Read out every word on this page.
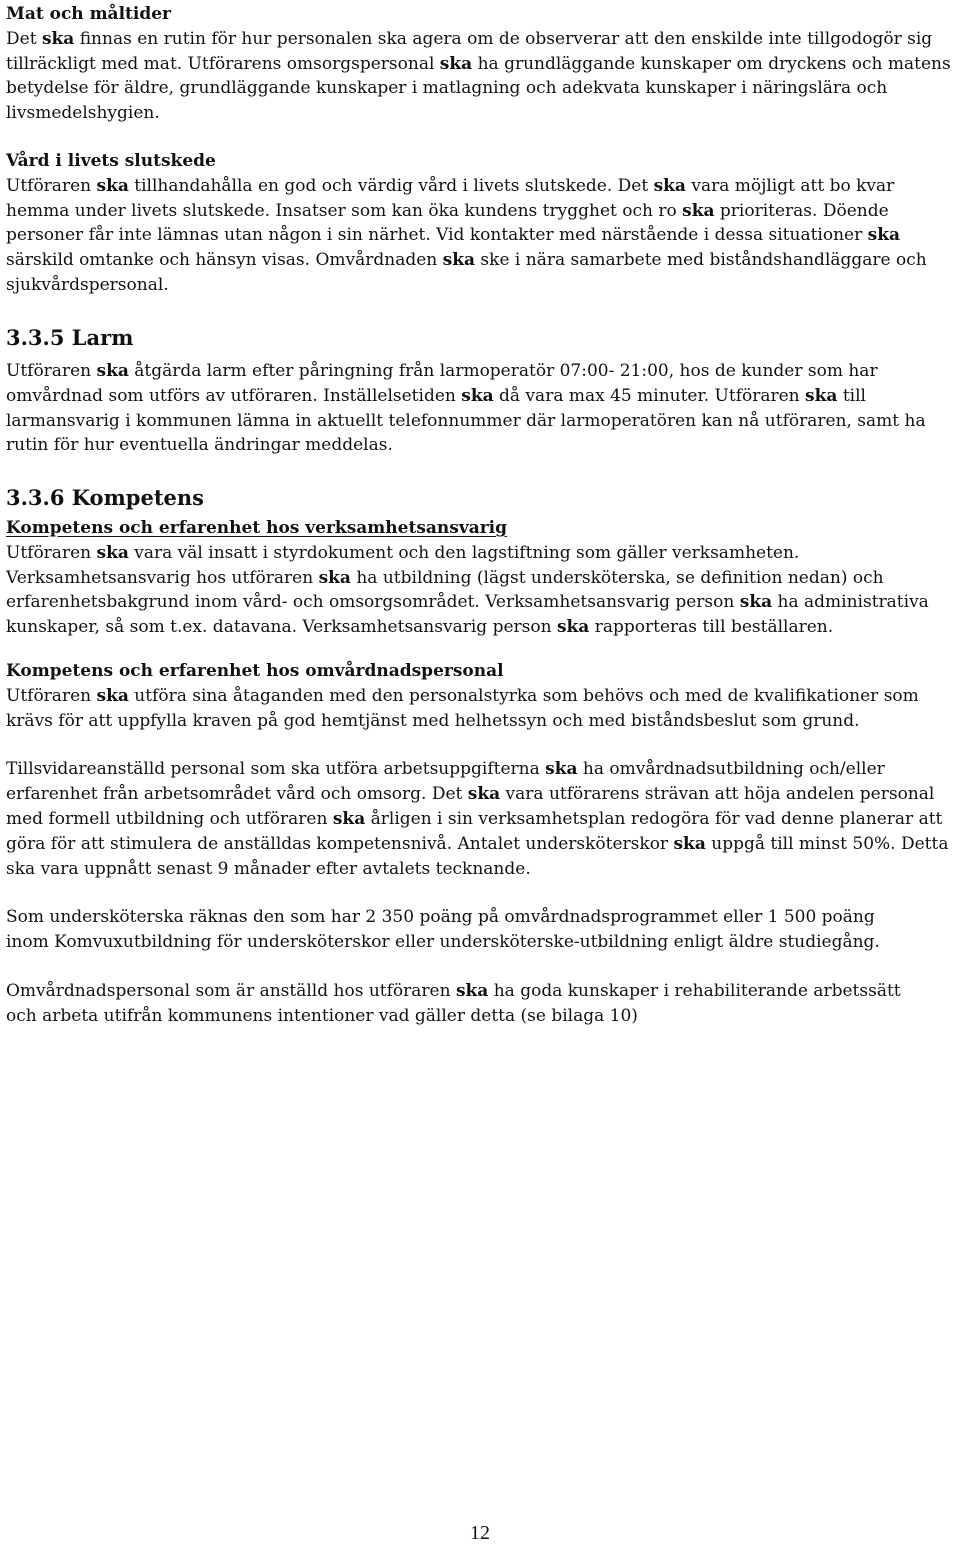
Mat och måltider

Det ska finnas en rutin för hur personalen ska agera om de observerar att den enskilde inte tillgodogör sig tillräckligt med mat. Utförarens omsorgspersonal ska ha grundläggande kunskaper om dryckens och matens betydelse för äldre, grundläggande kunskaper i matlagning och adekvata kunskaper i näringslära och livsmedelshygien.

Vård i livets slutskede

Utföraren ska tillhandahålla en god och värdig vård i livets slutskede. Det ska vara möjligt att bo kvar hemma under livets slutskede. Insatser som kan öka kundens trygghet och ro ska prioriteras. Döende personer får inte lämnas utan någon i sin närhet. Vid kontakter med närstående i dessa situationer ska särskild omtanke och hänsyn visas. Omvårdnaden ska ske i nära samarbete med biståndshandläggare och sjukvårdspersonal.

3.3.5 Larm

Utföraren ska åtgärda larm efter påringning från larmoperatör 07:00- 21:00, hos de kunder som har omvårdnad som utförs av utföraren. Inställelsetiden ska då vara max 45 minuter. Utföraren ska till larmansvarig i kommunen lämna in aktuellt telefonnummer där larmoperatören kan nå utföraren, samt ha rutin för hur eventuella ändringar meddelas.

3.3.6 Kompetens

Kompetens och erfarenhet hos verksamhetsansvarig

Utföraren ska vara väl insatt i styrdokument och den lagstiftning som gäller verksamheten. Verksamhetsansvarig hos utföraren ska ha utbildning (lägst undersköterska, se definition nedan) och erfarenhetsbakgrund inom vård- och omsorgsområdet. Verksamhetsansvarig person ska ha administrativa kunskaper, så som t.ex. datavana. Verksamhetsansvarig person ska rapporteras till beställaren.

Kompetens och erfarenhet hos omvårdnadspersonal

Utföraren ska utföra sina åtaganden med den personalstyrka som behövs och med de kvalifikationer som krävs för att uppfylla kraven på god hemtjänst med helhetssyn och med biståndsbeslut som grund.

Tillsvidareanställd personal som ska utföra arbetsuppgifterna ska ha omvårdnadsutbildning och/eller erfarenhet från arbetsområdet vård och omsorg. Det ska vara utförarens strävan att höja andelen personal med formell utbildning och utföraren ska årligen i sin verksamhetsplan redogöra för vad denne planerar att göra för att stimulera de anställdas kompetensnivå. Antalet undersköterskor ska uppgå till minst 50%. Detta ska vara uppnått senast 9 månader efter avtalets tecknande.

Som undersköterska räknas den som har 2 350 poäng på omvårdnadsprogrammet eller 1 500 poäng inom Komvuxutbildning för undersköterskor eller undersköterske-utbildning enligt äldre studiegång.

Omvårdnadspersonal som är anställd hos utföraren ska ha goda kunskaper i rehabiliterande arbetssätt och arbeta utifrån kommunens intentioner vad gäller detta (se bilaga 10)

12
